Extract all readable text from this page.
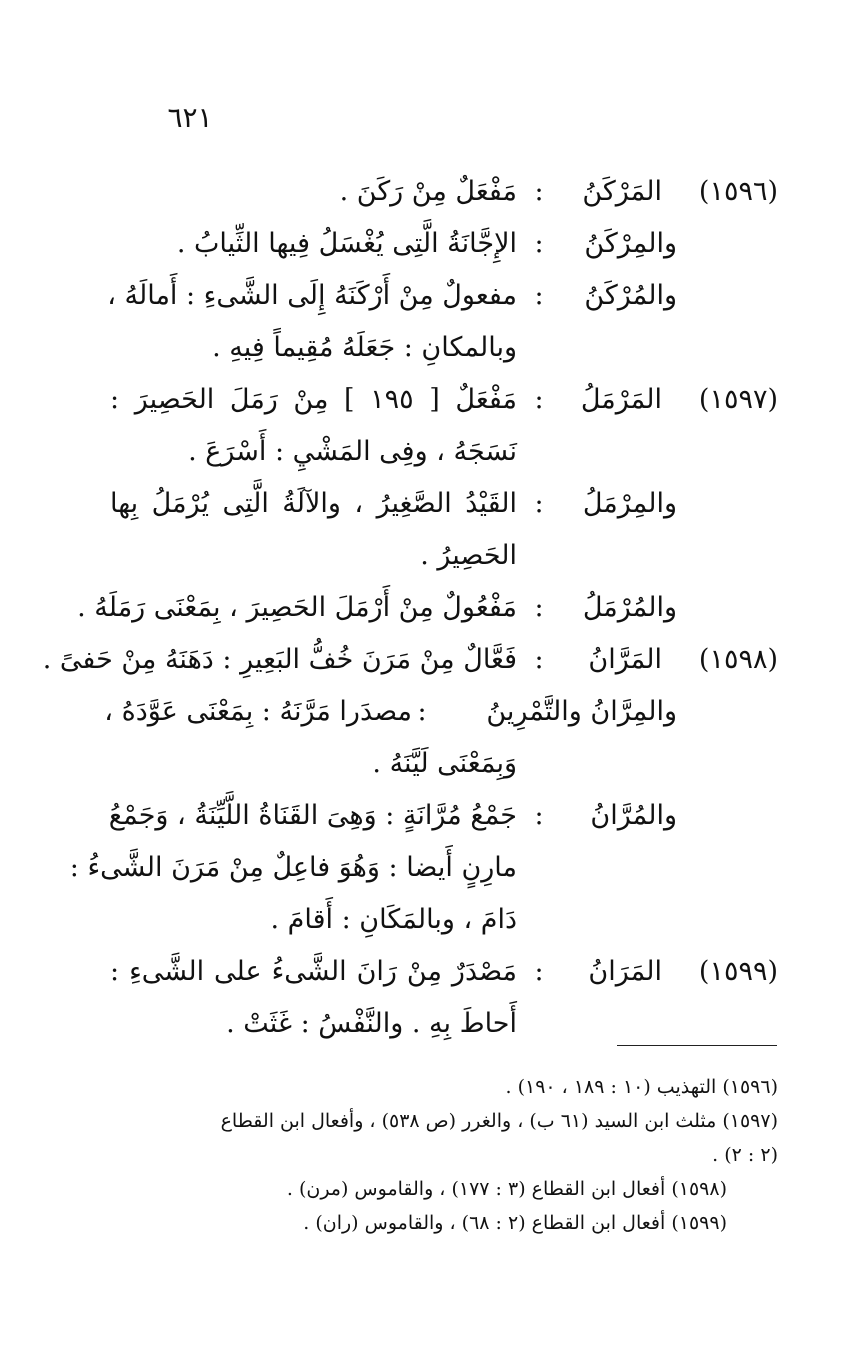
٦٢١
(١٥٩٦)
المَرْكَنُ
:
مَفْعَلٌ مِنْ رَكَنَ .
والمِرْكَنُ
:
الإِجَّانَةُ الَّتِى يُغْسَلُ فِيها الثِّيابُ .
والمُرْكَنُ
:
مفعولٌ مِنْ أَرْكَنَهُ إِلَى الشَّىءِ : أَمالَهُ ،
وبالمكانِ : جَعَلَهُ مُقِيماً فِيهِ .
(١٥٩٧)
المَرْمَلُ
:
مَفْعَلٌ [ ١٩٥ ] مِنْ رَمَلَ الحَصِيرَ :
نَسَجَهُ ، وفِى المَشْيِ : أَسْرَعَ .
والمِرْمَلُ
:
القَيْدُ الصَّغِيرُ ، والآلَةُ الَّتِى يُرْمَلُ بِها
الحَصِيرُ .
والمُرْمَلُ
:
مَفْعُولٌ مِنْ أَرْمَلَ الحَصِيرَ ، بِمَعْنَى رَمَلَهُ .
(١٥٩٨)
المَرَّانُ
:
فَعَّالٌ مِنْ مَرَنَ خُفُّ البَعِيرِ : دَهَنَهُ مِنْ حَفىً .
والمِرَّانُ والتَّمْرِينُ
:
مصدَرا مَرَّنَهُ : بِمَعْنَى عَوَّدَهُ ،
وَبِمَعْنَى لَيَّنَهُ .
والمُرَّانُ
:
جَمْعُ مُرَّانَةٍ : وَهِىَ القَنَاةُ اللَّيِّنَةُ ، وَجَمْعُ
مارِنٍ أَيضا : وَهُوَ فاعِلٌ مِنْ مَرَنَ الشَّىءُ :
دَامَ ، وبالمَكَانِ : أَقامَ .
(١٥٩٩)
المَرَانُ
:
مَصْدَرٌ مِنْ رَانَ الشَّىءُ على الشَّىءِ :
أَحاطَ بِهِ . والنَّفْسُ : غَثَتْ .
(١٥٩٦) التهذيب (١٠ : ١٨٩ ، ١٩٠) .
(١٥٩٧) مثلث ابن السيد (٦١ ب) ، والغرر (ص ٥٣٨) ، وأفعال ابن القطاع
(٢ : ٢) .
(١٥٩٨) أفعال ابن القطاع (٣ : ١٧٧) ، والقاموس (مرن) .
(١٥٩٩) أفعال ابن القطاع (٢ : ٦٨) ، والقاموس (ران) .
